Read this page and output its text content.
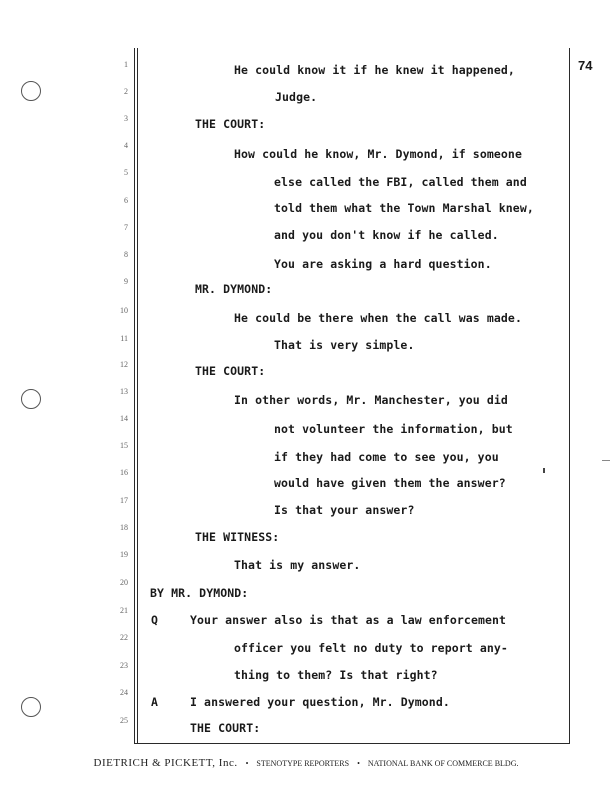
74
1
2
3
4
5
6
7
8
9
10
11
12
13
14
15
16
17
18
19
20
21
22
23
24
25
Q
A
He could know it if he knew it happened,
Judge.
THE COURT:
How could he know, Mr. Dymond, if someone
else called the FBI, called them and
told them what the Town Marshal knew,
and you don't know if he called.
You are asking a hard question.
MR. DYMOND:
He could be there when the call was made.
That is very simple.
THE COURT:
In other words, Mr. Manchester, you did
not volunteer the information, but
if they had come to see you, you
would have given them the answer?
Is that your answer?
THE WITNESS:
That is my answer.
BY MR. DYMOND:
Your answer also is that as a law enforcement
officer you felt no duty to report any-
thing to them? Is that right?
I answered your question, Mr. Dymond.
THE COURT:
DIETRICH & PICKETT, Inc. • STENOTYPE REPORTERS • NATIONAL BANK OF COMMERCE BLDG.
